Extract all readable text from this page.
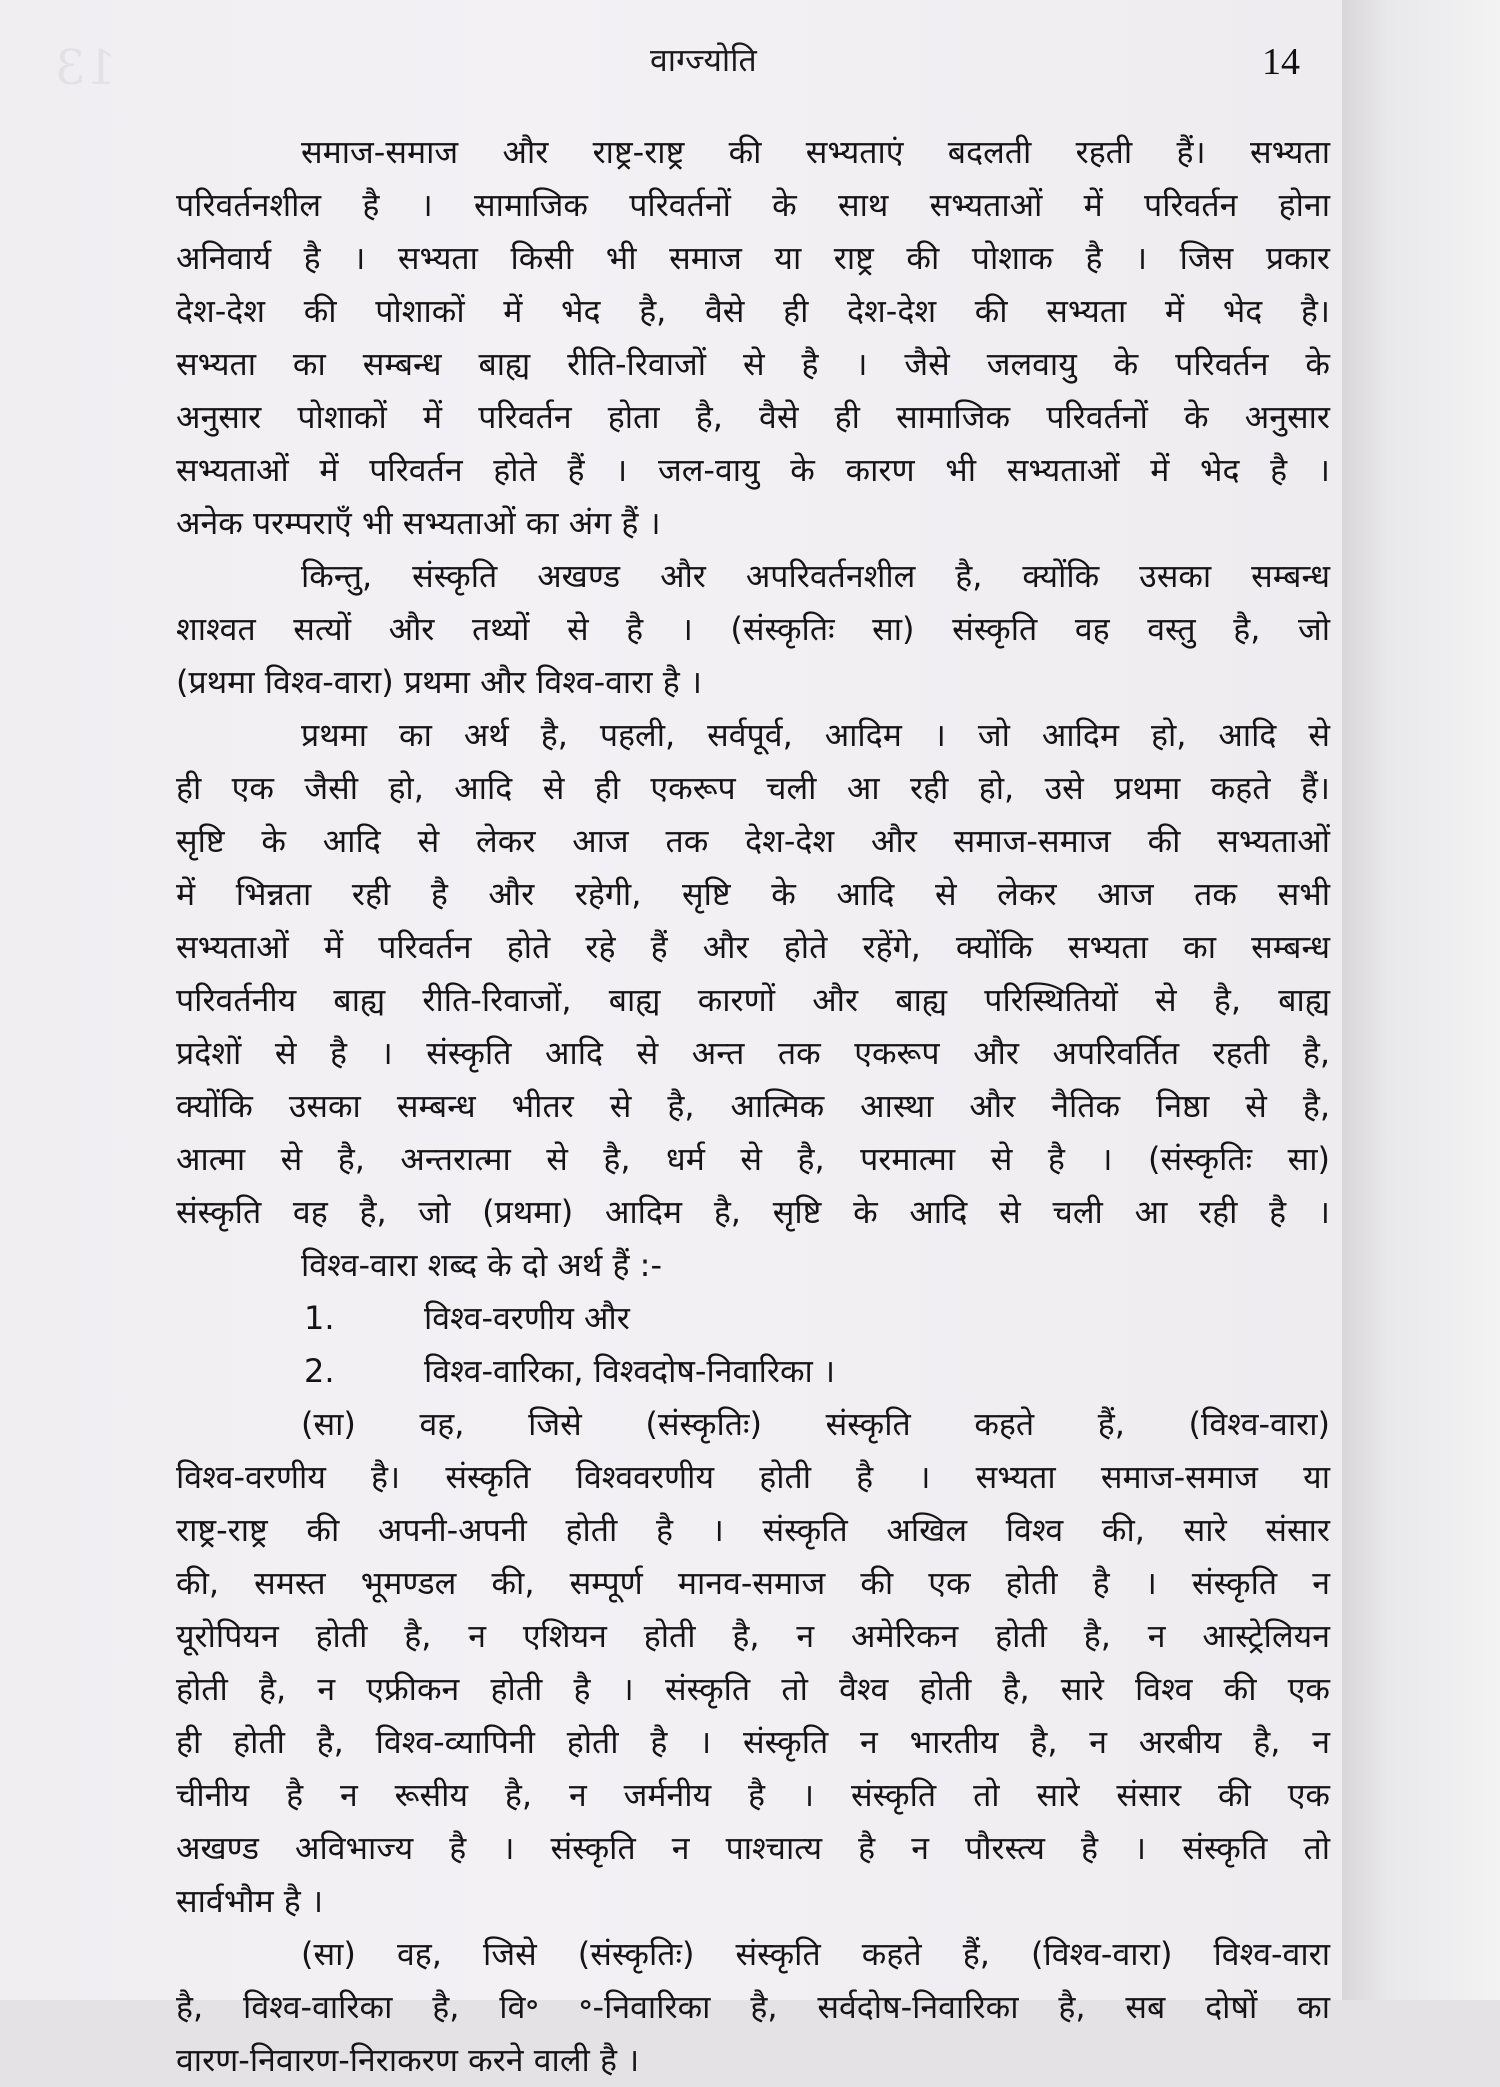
13	वाग्ज्योति	14
समाज-समाज और राष्ट्र-राष्ट्र की सभ्यताएं बदलती रहती हैं। सभ्यता
परिवर्तनशील है । सामाजिक परिवर्तनों के साथ सभ्यताओं में परिवर्तन होना
अनिवार्य है । सभ्यता किसी भी समाज या राष्ट्र की पोशाक है । जिस प्रकार
देश-देश की पोशाकों में भेद है, वैसे ही देश-देश की सभ्यता में भेद है।
सभ्यता का सम्बन्ध बाह्य रीति-रिवाजों से है । जैसे जलवायु के परिवर्तन के
अनुसार पोशाकों में परिवर्तन होता है, वैसे ही सामाजिक परिवर्तनों के अनुसार
सभ्यताओं में परिवर्तन होते हैं । जल-वायु के कारण भी सभ्यताओं में भेद है ।
अनेक परम्पराएँ भी सभ्यताओं का अंग हैं ।
किन्तु, संस्कृति अखण्ड और अपरिवर्तनशील है, क्योंकि उसका सम्बन्ध
शाश्वत सत्यों और तथ्यों से है । (संस्कृतिः सा) संस्कृति वह वस्तु है, जो
(प्रथमा विश्व-वारा) प्रथमा और विश्व-वारा है ।
प्रथमा का अर्थ है, पहली, सर्वपूर्व, आदिम । जो आदिम हो, आदि से
ही एक जैसी हो, आदि से ही एकरूप चली आ रही हो, उसे प्रथमा कहते हैं।
सृष्टि के आदि से लेकर आज तक देश-देश और समाज-समाज की सभ्यताओं
में भिन्नता रही है और रहेगी, सृष्टि के आदि से लेकर आज तक सभी
सभ्यताओं में परिवर्तन होते रहे हैं और होते रहेंगे, क्योंकि सभ्यता का सम्बन्ध
परिवर्तनीय बाह्य रीति-रिवाजों, बाह्य कारणों और बाह्य परिस्थितियों से है, बाह्य
प्रदेशों से है । संस्कृति आदि से अन्त तक एकरूप और अपरिवर्तित रहती है,
क्योंकि उसका सम्बन्ध भीतर से है, आत्मिक आस्था और नैतिक निष्ठा से है,
आत्मा से है, अन्तरात्मा से है, धर्म से है, परमात्मा से है । (संस्कृतिः सा)
संस्कृति वह है, जो (प्रथमा) आदिम है, सृष्टि के आदि से चली आ रही है ।
विश्व-वारा शब्द के दो अर्थ हैं :-
1.	विश्व-वरणीय और
2.	विश्व-वारिका, विश्वदोष-निवारिका ।
(सा) वह, जिसे (संस्कृतिः) संस्कृति कहते हैं, (विश्व-वारा)
विश्व-वरणीय है। संस्कृति विश्ववरणीय होती है । सभ्यता समाज-समाज या
राष्ट्र-राष्ट्र की अपनी-अपनी होती है । संस्कृति अखिल विश्व की, सारे संसार
की, समस्त भूमण्डल की, सम्पूर्ण मानव-समाज की एक होती है । संस्कृति न
यूरोपियन होती है, न एशियन होती है, न अमेरिकन होती है, न आस्ट्रेलियन
होती है, न एफ्रीकन होती है । संस्कृति तो वैश्व होती है, सारे विश्व की एक
ही होती है, विश्व-व्यापिनी होती है । संस्कृति न भारतीय है, न अरबीय है, न
चीनीय है न रूसीय है, न जर्मनीय है । संस्कृति तो सारे संसार की एक
अखण्ड अविभाज्य है । संस्कृति न पाश्चात्य है न पौरस्त्य है । संस्कृति तो
सार्वभौम है ।
(सा) वह, जिसे (संस्कृतिः) संस्कृति कहते हैं, (विश्व-वारा) विश्व-वारा
है, विश्व-वारिका है, वि॰ ॰-निवारिका है, सर्वदोष-निवारिका है, सब दोषों का
वारण-निवारण-निराकरण करने वाली है ।
